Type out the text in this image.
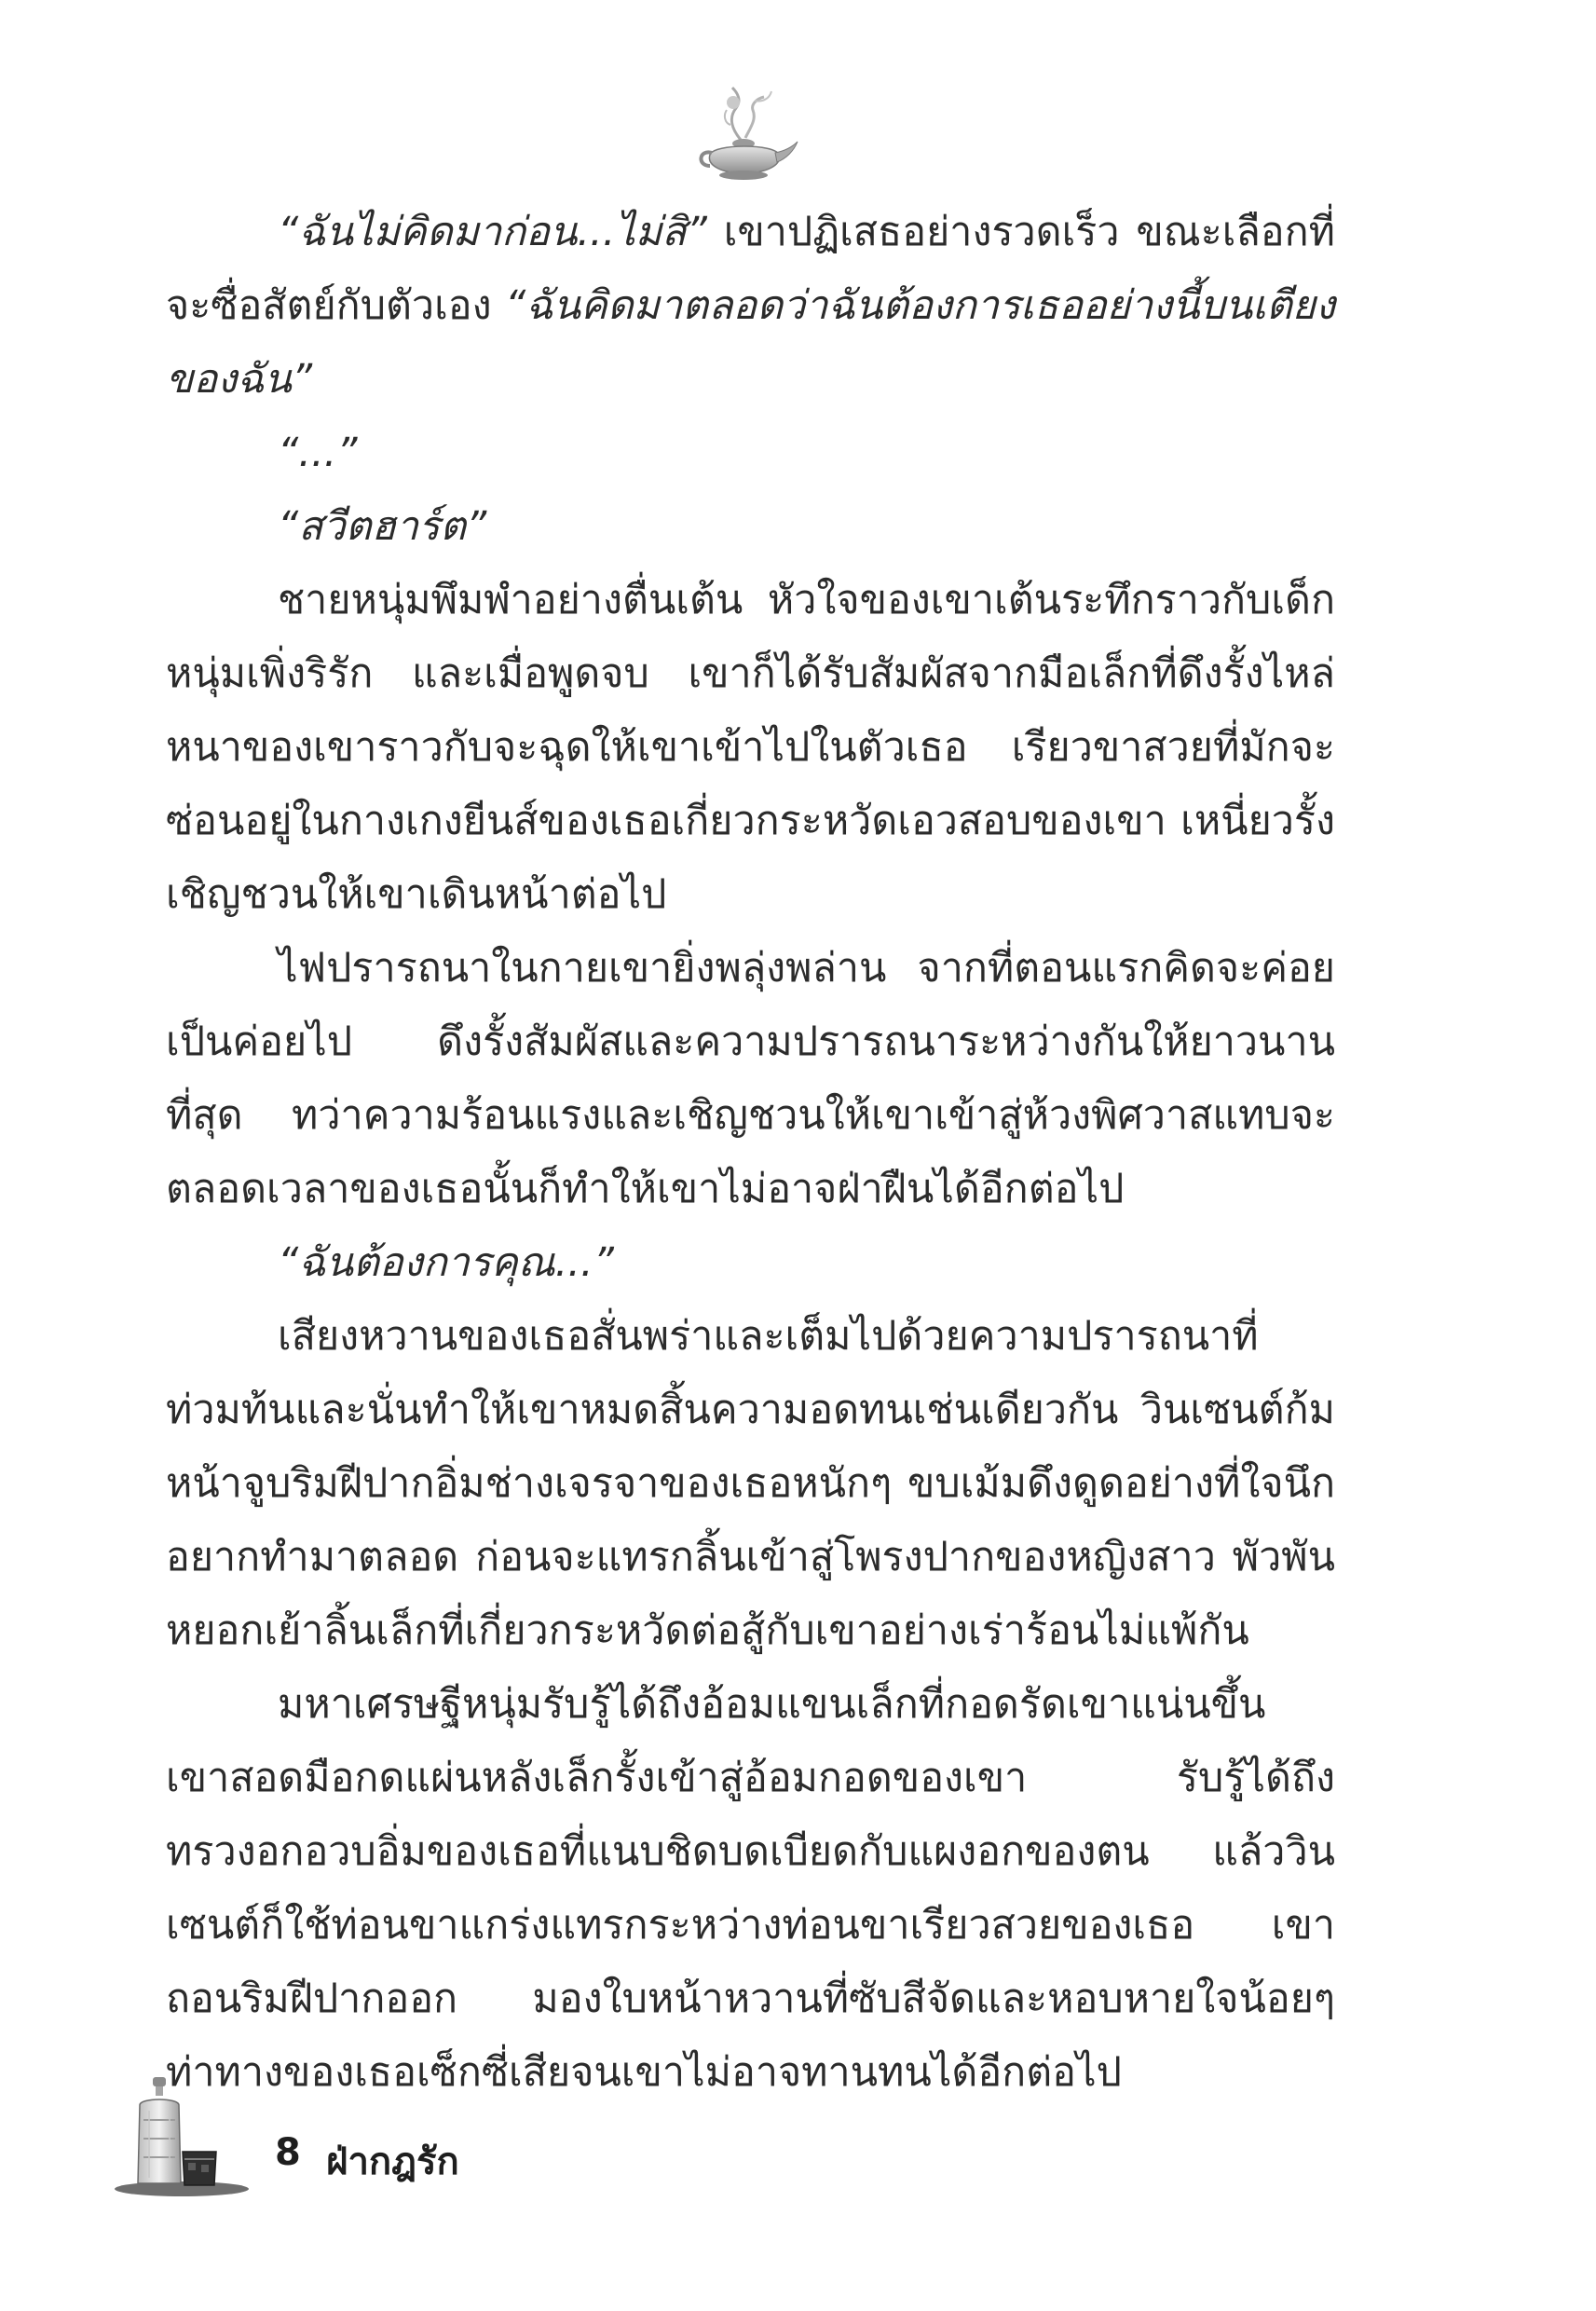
“ฉันไม่คิดมาก่อน...ไม่สิ” เขาปฏิเสธอย่างรวดเร็ว ขณะเลือกที่จะซื่อสัตย์กับตัวเอง “ฉันคิดมาตลอดว่าฉันต้องการเธออย่างนี้บนเตียงของฉัน”

“...”

“สวีตฮาร์ต”

ชายหนุ่มพึมพำอย่างตื่นเต้น หัวใจของเขาเต้นระทึกราวกับเด็กหนุ่มเพิ่งริรัก และเมื่อพูดจบ เขาก็ได้รับสัมผัสจากมือเล็กที่ดึงรั้งไหล่หนาของเขาราวกับจะฉุดให้เขาเข้าไปในตัวเธอ เรียวขาสวยที่มักจะซ่อนอยู่ในกางเกงยีนส์ของเธอเกี่ยวกระหวัดเอวสอบของเขา เหนี่ยวรั้งเชิญชวนให้เขาเดินหน้าต่อไป

ไฟปรารถนาในกายเขายิ่งพลุ่งพล่าน จากที่ตอนแรกคิดจะค่อยเป็นค่อยไป ดึงรั้งสัมผัสและความปรารถนาระหว่างกันให้ยาวนานที่สุด ทว่าความร้อนแรงและเชิญชวนให้เขาเข้าสู่ห้วงพิศวาสแทบจะตลอดเวลาของเธอนั้นก็ทำให้เขาไม่อาจฝ่าฝืนได้อีกต่อไป

“ฉันต้องการคุณ...”

เสียงหวานของเธอสั่นพร่าและเต็มไปด้วยความปรารถนาที่ท่วมท้นและนั่นทำให้เขาหมดสิ้นความอดทนเช่นเดียวกัน วินเซนต์ก้มหน้าจูบริมฝีปากอิ่มช่างเจรจาของเธอหนักๆ ขบเม้มดึงดูดอย่างที่ใจนึกอยากทำมาตลอด ก่อนจะแทรกลิ้นเข้าสู่โพรงปากของหญิงสาว พัวพันหยอกเย้าลิ้นเล็กที่เกี่ยวกระหวัดต่อสู้กับเขาอย่างเร่าร้อนไม่แพ้กัน

มหาเศรษฐีหนุ่มรับรู้ได้ถึงอ้อมแขนเล็กที่กอดรัดเขาแน่นขึ้น เขาสอดมือกดแผ่นหลังเล็กรั้งเข้าสู่อ้อมกอดของเขา รับรู้ได้ถึงทรวงอกอวบอิ่มของเธอที่แนบชิดบดเบียดกับแผงอกของตน แล้ววินเซนต์ก็ใช้ท่อนขาแกร่งแทรกระหว่างท่อนขาเรียวสวยของเธอ เขาถอนริมฝีปากออก มองใบหน้าหวานที่ซับสีจัดและหอบหายใจน้อยๆ ท่าทางของเธอเซ็กซี่เสียจนเขาไม่อาจทานทนได้อีกต่อไป

8 ฝ่ากฎรัก
